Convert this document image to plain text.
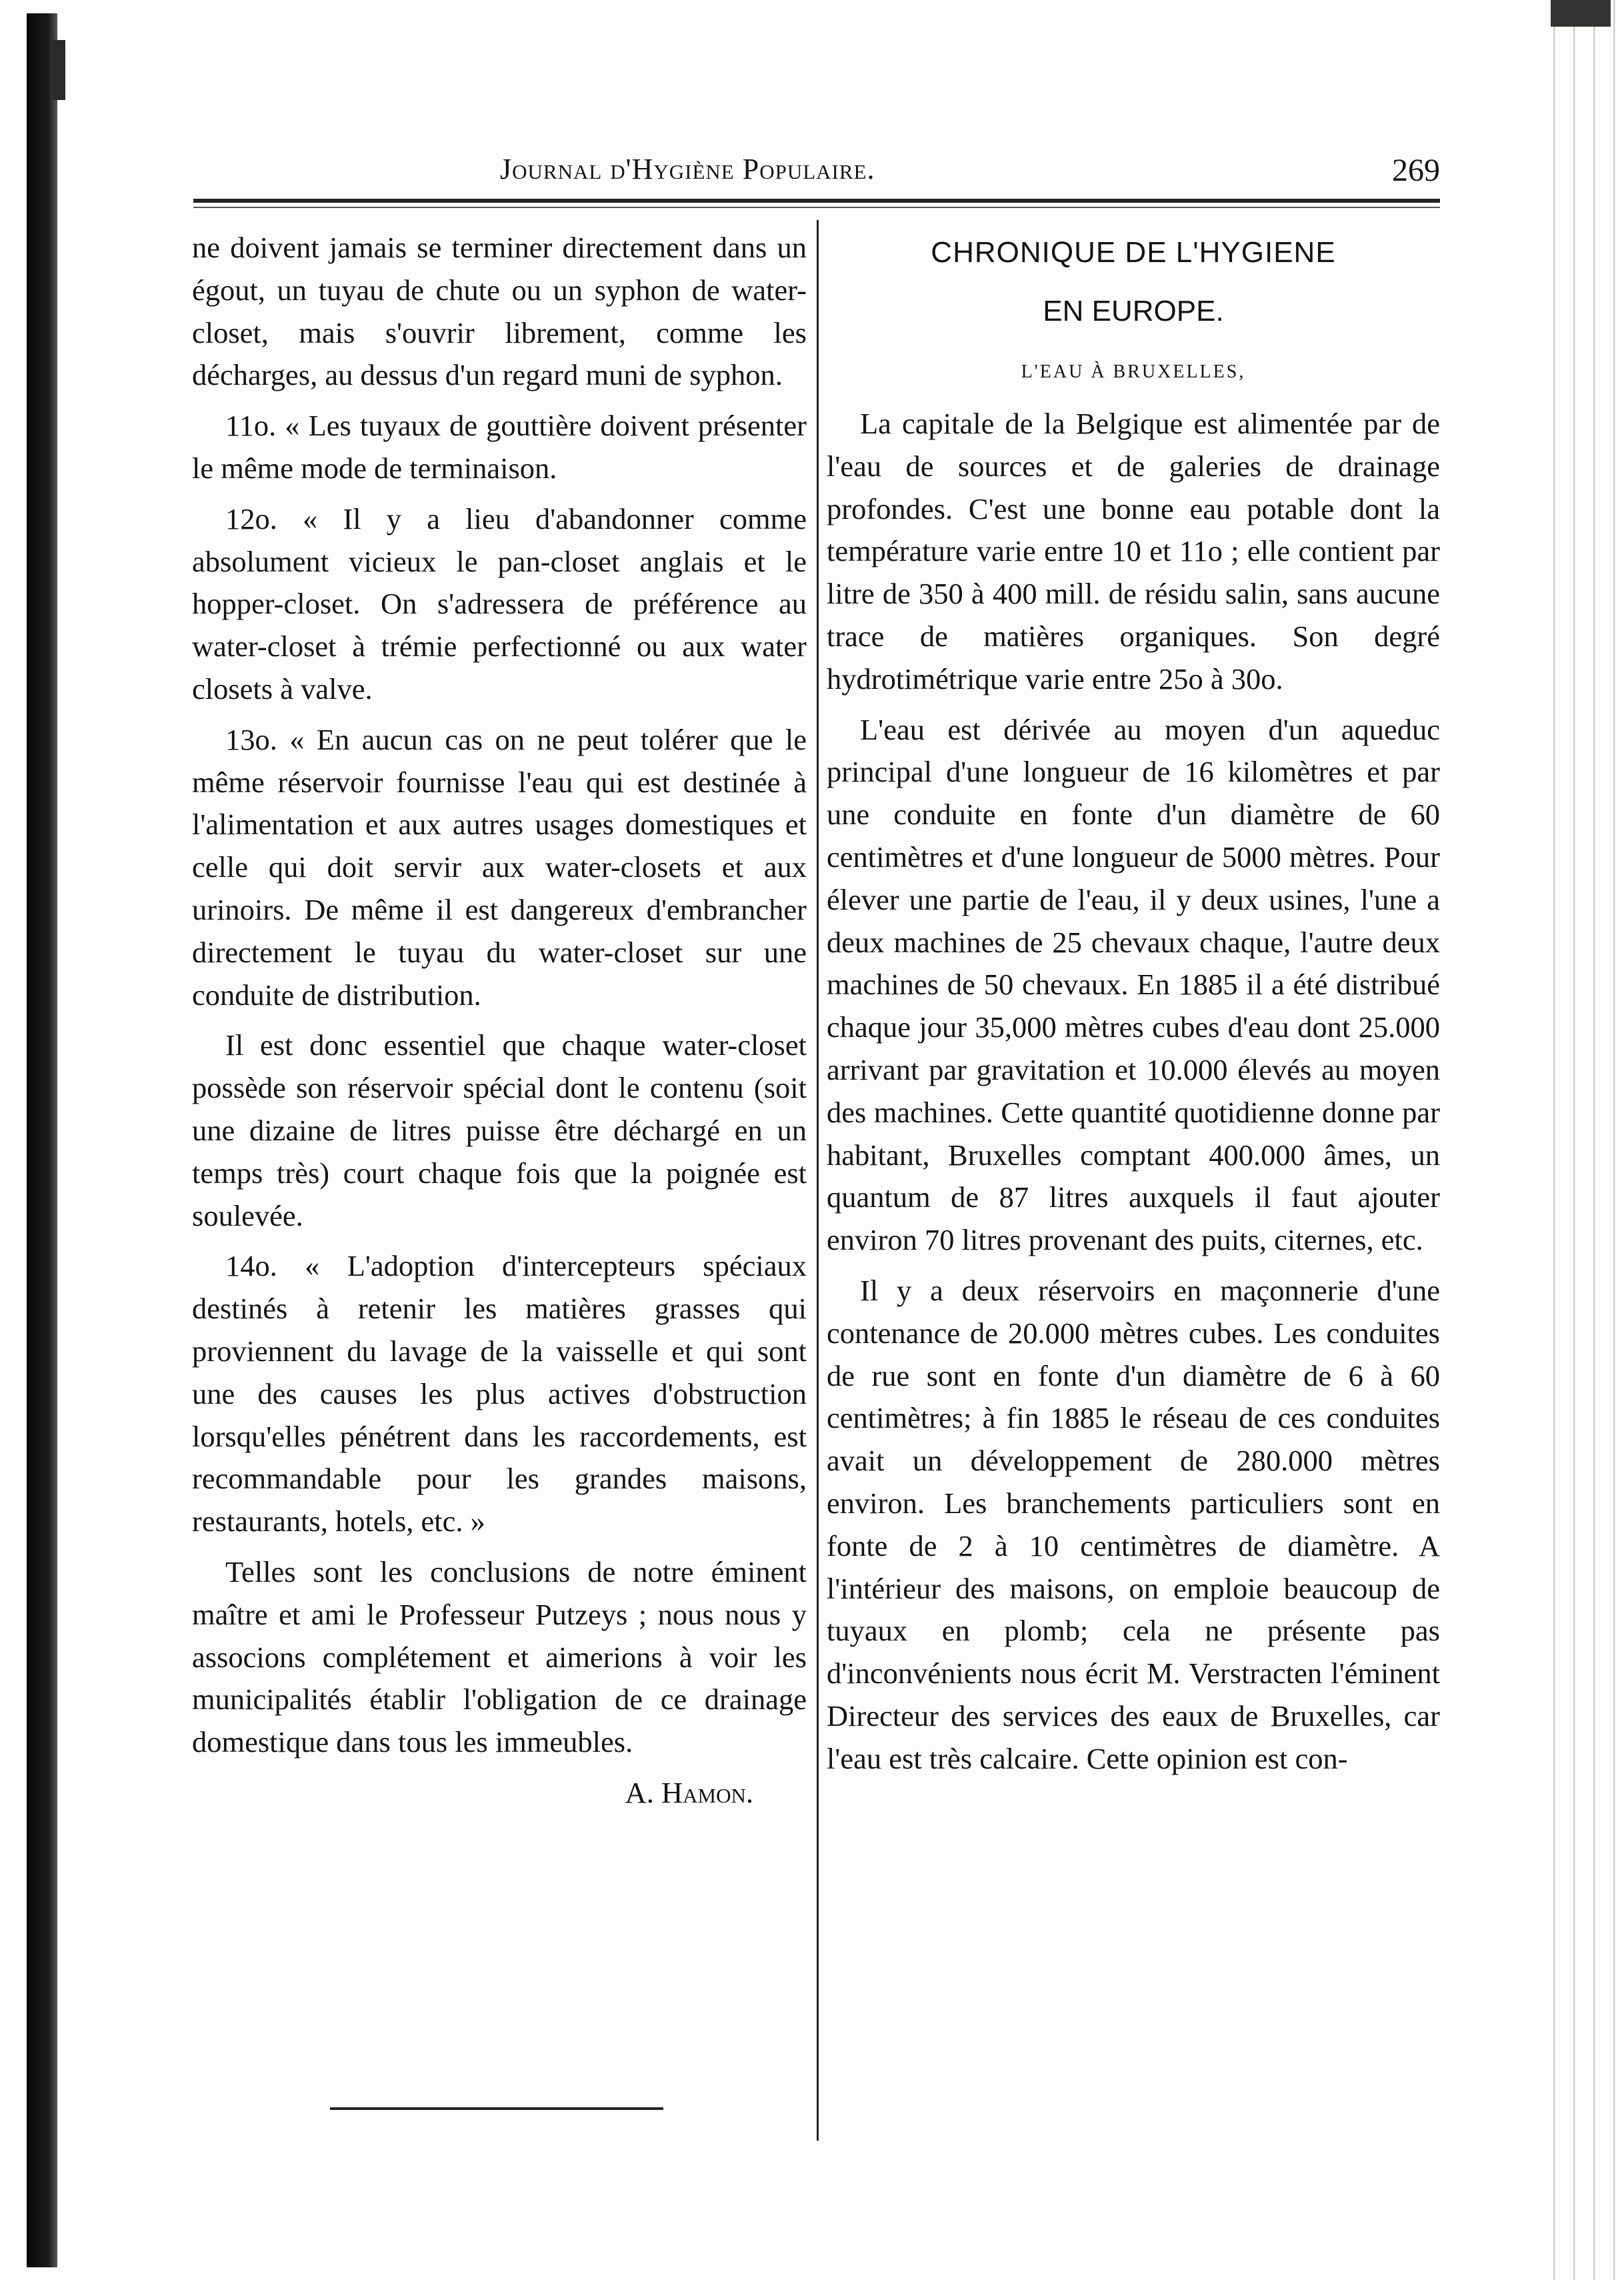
Journal d'Hygiène Populaire.	269

ne doivent jamais se terminer directement dans un égout, un tuyau de chute ou un syphon de water-closet, mais s'ouvrir librement, comme les décharges, au dessus d'un regard muni de syphon.

11o. « Les tuyaux de gouttière doivent présenter le même mode de terminaison.

12o. « Il y a lieu d'abandonner comme absolument vicieux le pan-closet anglais et le hopper-closet. On s'adressera de préférence au water-closet à trémie perfectionné ou aux water closets à valve.

13o. « En aucun cas on ne peut tolérer que le même réservoir fournisse l'eau qui est destinée à l'alimentation et aux autres usages domestiques et celle qui doit servir aux water-closets et aux urinoirs. De même il est dangereux d'embrancher directement le tuyau du water-closet sur une conduite de distribution.

Il est donc essentiel que chaque water-closet possède son réservoir spécial dont le contenu (soit une dizaine de litres puisse être déchargé en un temps très) court chaque fois que la poignée est soulevée.

14o. « L'adoption d'intercepteurs spéciaux destinés à retenir les matières grasses qui proviennent du lavage de la vaisselle et qui sont une des causes les plus actives d'obstruction lorsqu'elles pénétrent dans les raccordements, est recommandable pour les grandes maisons, restaurants, hotels, etc. »

Telles sont les conclusions de notre éminent maître et ami le Professeur Putzeys ; nous nous y associons complétement et aimerions à voir les municipalités établir l'obligation de ce drainage domestique dans tous les immeubles.

A. Hamon.

CHRONIQUE DE L'HYGIENE
EN EUROPE.
L'EAU À BRUXELLES,

La capitale de la Belgique est alimentée par de l'eau de sources et de galeries de drainage profondes. C'est une bonne eau potable dont la température varie entre 10 et 11o ; elle contient par litre de 350 à 400 mill. de résidu salin, sans aucune trace de matières organiques. Son degré hydrotimétrique varie entre 25o à 30o.

L'eau est dérivée au moyen d'un aqueduc principal d'une longueur de 16 kilomètres et par une conduite en fonte d'un diamètre de 60 centimètres et d'une longueur de 5000 mètres. Pour élever une partie de l'eau, il y deux usines, l'une a deux machines de 25 chevaux chaque, l'autre deux machines de 50 chevaux. En 1885 il a été distribué chaque jour 35,000 mètres cubes d'eau dont 25.000 arrivant par gravitation et 10.000 élevés au moyen des machines. Cette quantité quotidienne donne par habitant, Bruxelles comptant 400.000 âmes, un quantum de 87 litres auxquels il faut ajouter environ 70 litres provenant des puits, citernes, etc.

Il y a deux réservoirs en maçonnerie d'une contenance de 20.000 mètres cubes. Les conduites de rue sont en fonte d'un diamètre de 6 à 60 centimètres; à fin 1885 le réseau de ces conduites avait un développement de 280.000 mètres environ. Les branchements particuliers sont en fonte de 2 à 10 centimètres de diamètre. A l'intérieur des maisons, on emploie beaucoup de tuyaux en plomb; cela ne présente pas d'inconvénients nous écrit M. Verstracten l'éminent Directeur des services des eaux de Bruxelles, car l'eau est très calcaire. Cette opinion est con-
